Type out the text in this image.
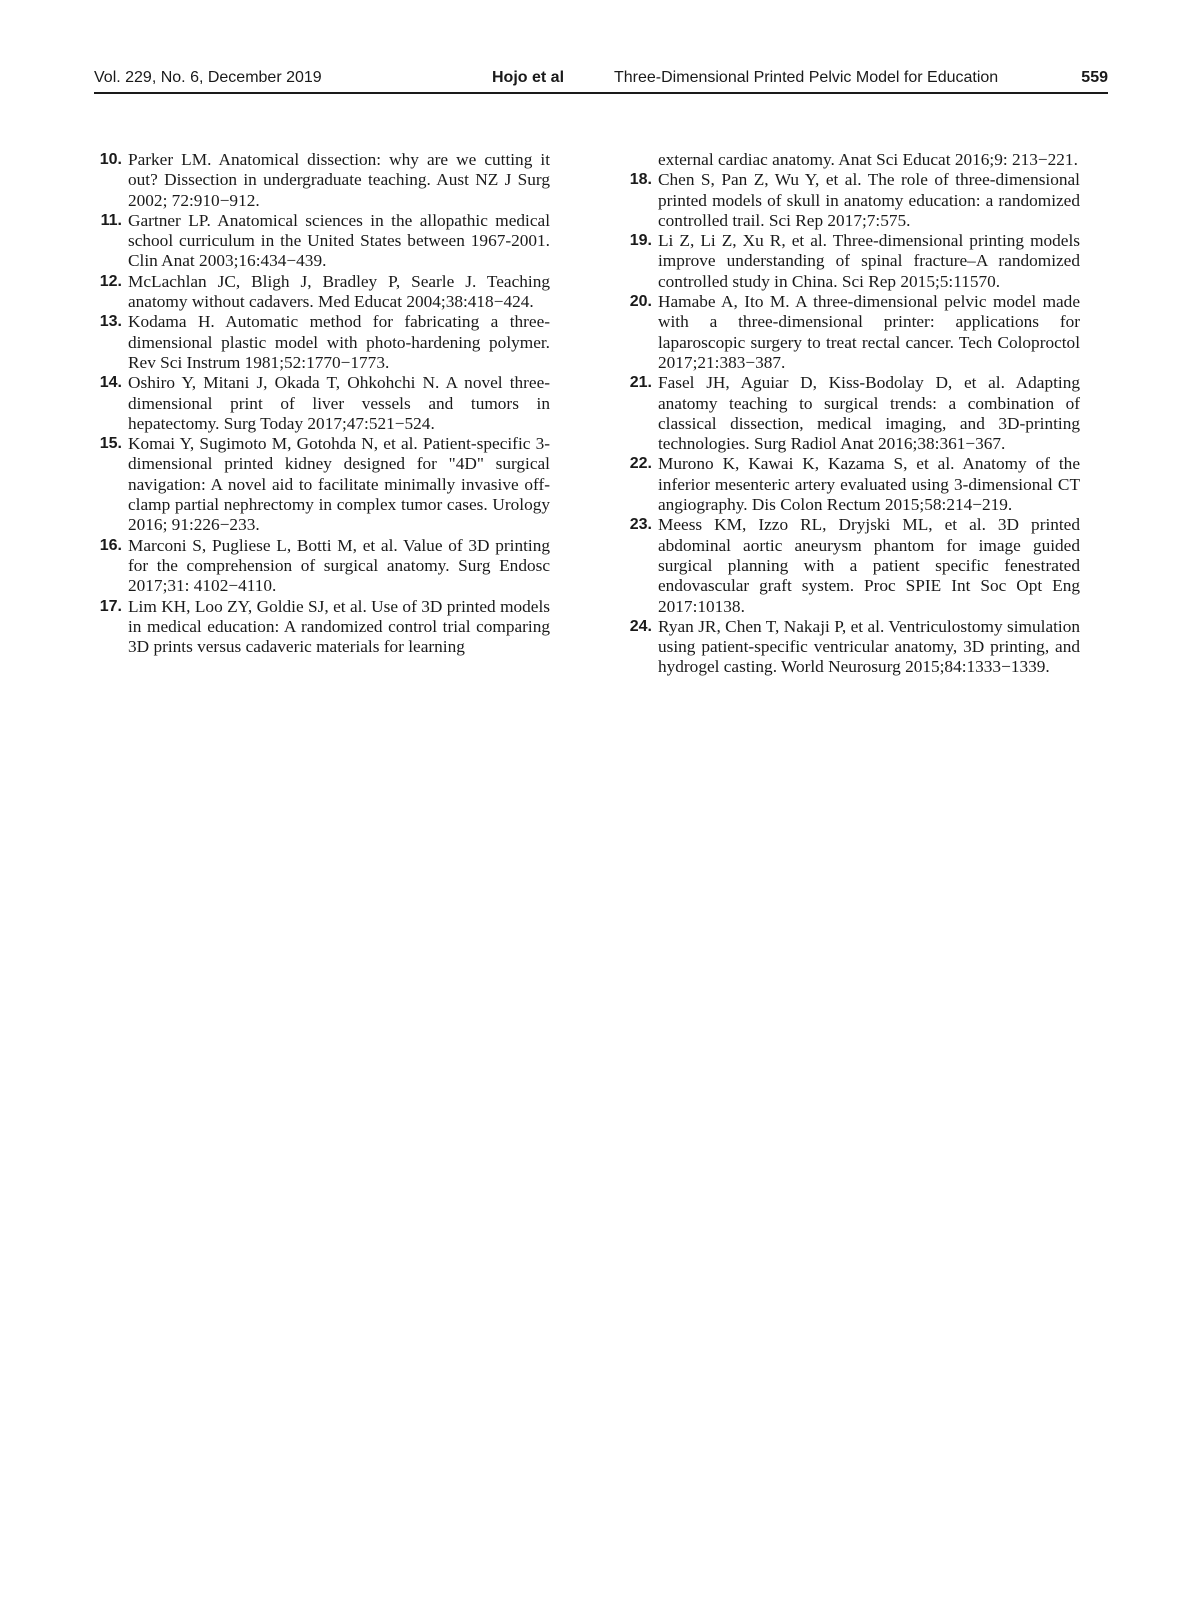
Vol. 229, No. 6, December 2019	Hojo et al	Three-Dimensional Printed Pelvic Model for Education	559

10. Parker LM. Anatomical dissection: why are we cutting it out? Dissection in undergraduate teaching. Aust NZ J Surg 2002; 72:910−912.

11. Gartner LP. Anatomical sciences in the allopathic medical school curriculum in the United States between 1967-2001. Clin Anat 2003;16:434−439.

12. McLachlan JC, Bligh J, Bradley P, Searle J. Teaching anatomy without cadavers. Med Educat 2004;38:418−424.

13. Kodama H. Automatic method for fabricating a three-dimensional plastic model with photo-hardening polymer. Rev Sci Instrum 1981;52:1770−1773.

14. Oshiro Y, Mitani J, Okada T, Ohkohchi N. A novel three-dimensional print of liver vessels and tumors in hepatectomy. Surg Today 2017;47:521−524.

15. Komai Y, Sugimoto M, Gotohda N, et al. Patient-specific 3-dimensional printed kidney designed for "4D" surgical navigation: A novel aid to facilitate minimally invasive off-clamp partial nephrectomy in complex tumor cases. Urology 2016; 91:226−233.

16. Marconi S, Pugliese L, Botti M, et al. Value of 3D printing for the comprehension of surgical anatomy. Surg Endosc 2017;31: 4102−4110.

17. Lim KH, Loo ZY, Goldie SJ, et al. Use of 3D printed models in medical education: A randomized control trial comparing 3D prints versus cadaveric materials for learning

external cardiac anatomy. Anat Sci Educat 2016;9: 213−221.

18. Chen S, Pan Z, Wu Y, et al. The role of three-dimensional printed models of skull in anatomy education: a randomized controlled trail. Sci Rep 2017;7:575.

19. Li Z, Li Z, Xu R, et al. Three-dimensional printing models improve understanding of spinal fracture–A randomized controlled study in China. Sci Rep 2015;5:11570.

20. Hamabe A, Ito M. A three-dimensional pelvic model made with a three-dimensional printer: applications for laparoscopic surgery to treat rectal cancer. Tech Coloproctol 2017;21:383−387.

21. Fasel JH, Aguiar D, Kiss-Bodolay D, et al. Adapting anatomy teaching to surgical trends: a combination of classical dissection, medical imaging, and 3D-printing technologies. Surg Radiol Anat 2016;38:361−367.

22. Murono K, Kawai K, Kazama S, et al. Anatomy of the inferior mesenteric artery evaluated using 3-dimensional CT angiography. Dis Colon Rectum 2015;58:214−219.

23. Meess KM, Izzo RL, Dryjski ML, et al. 3D printed abdominal aortic aneurysm phantom for image guided surgical planning with a patient specific fenestrated endovascular graft system. Proc SPIE Int Soc Opt Eng 2017:10138.

24. Ryan JR, Chen T, Nakaji P, et al. Ventriculostomy simulation using patient-specific ventricular anatomy, 3D printing, and hydrogel casting. World Neurosurg 2015;84:1333−1339.
